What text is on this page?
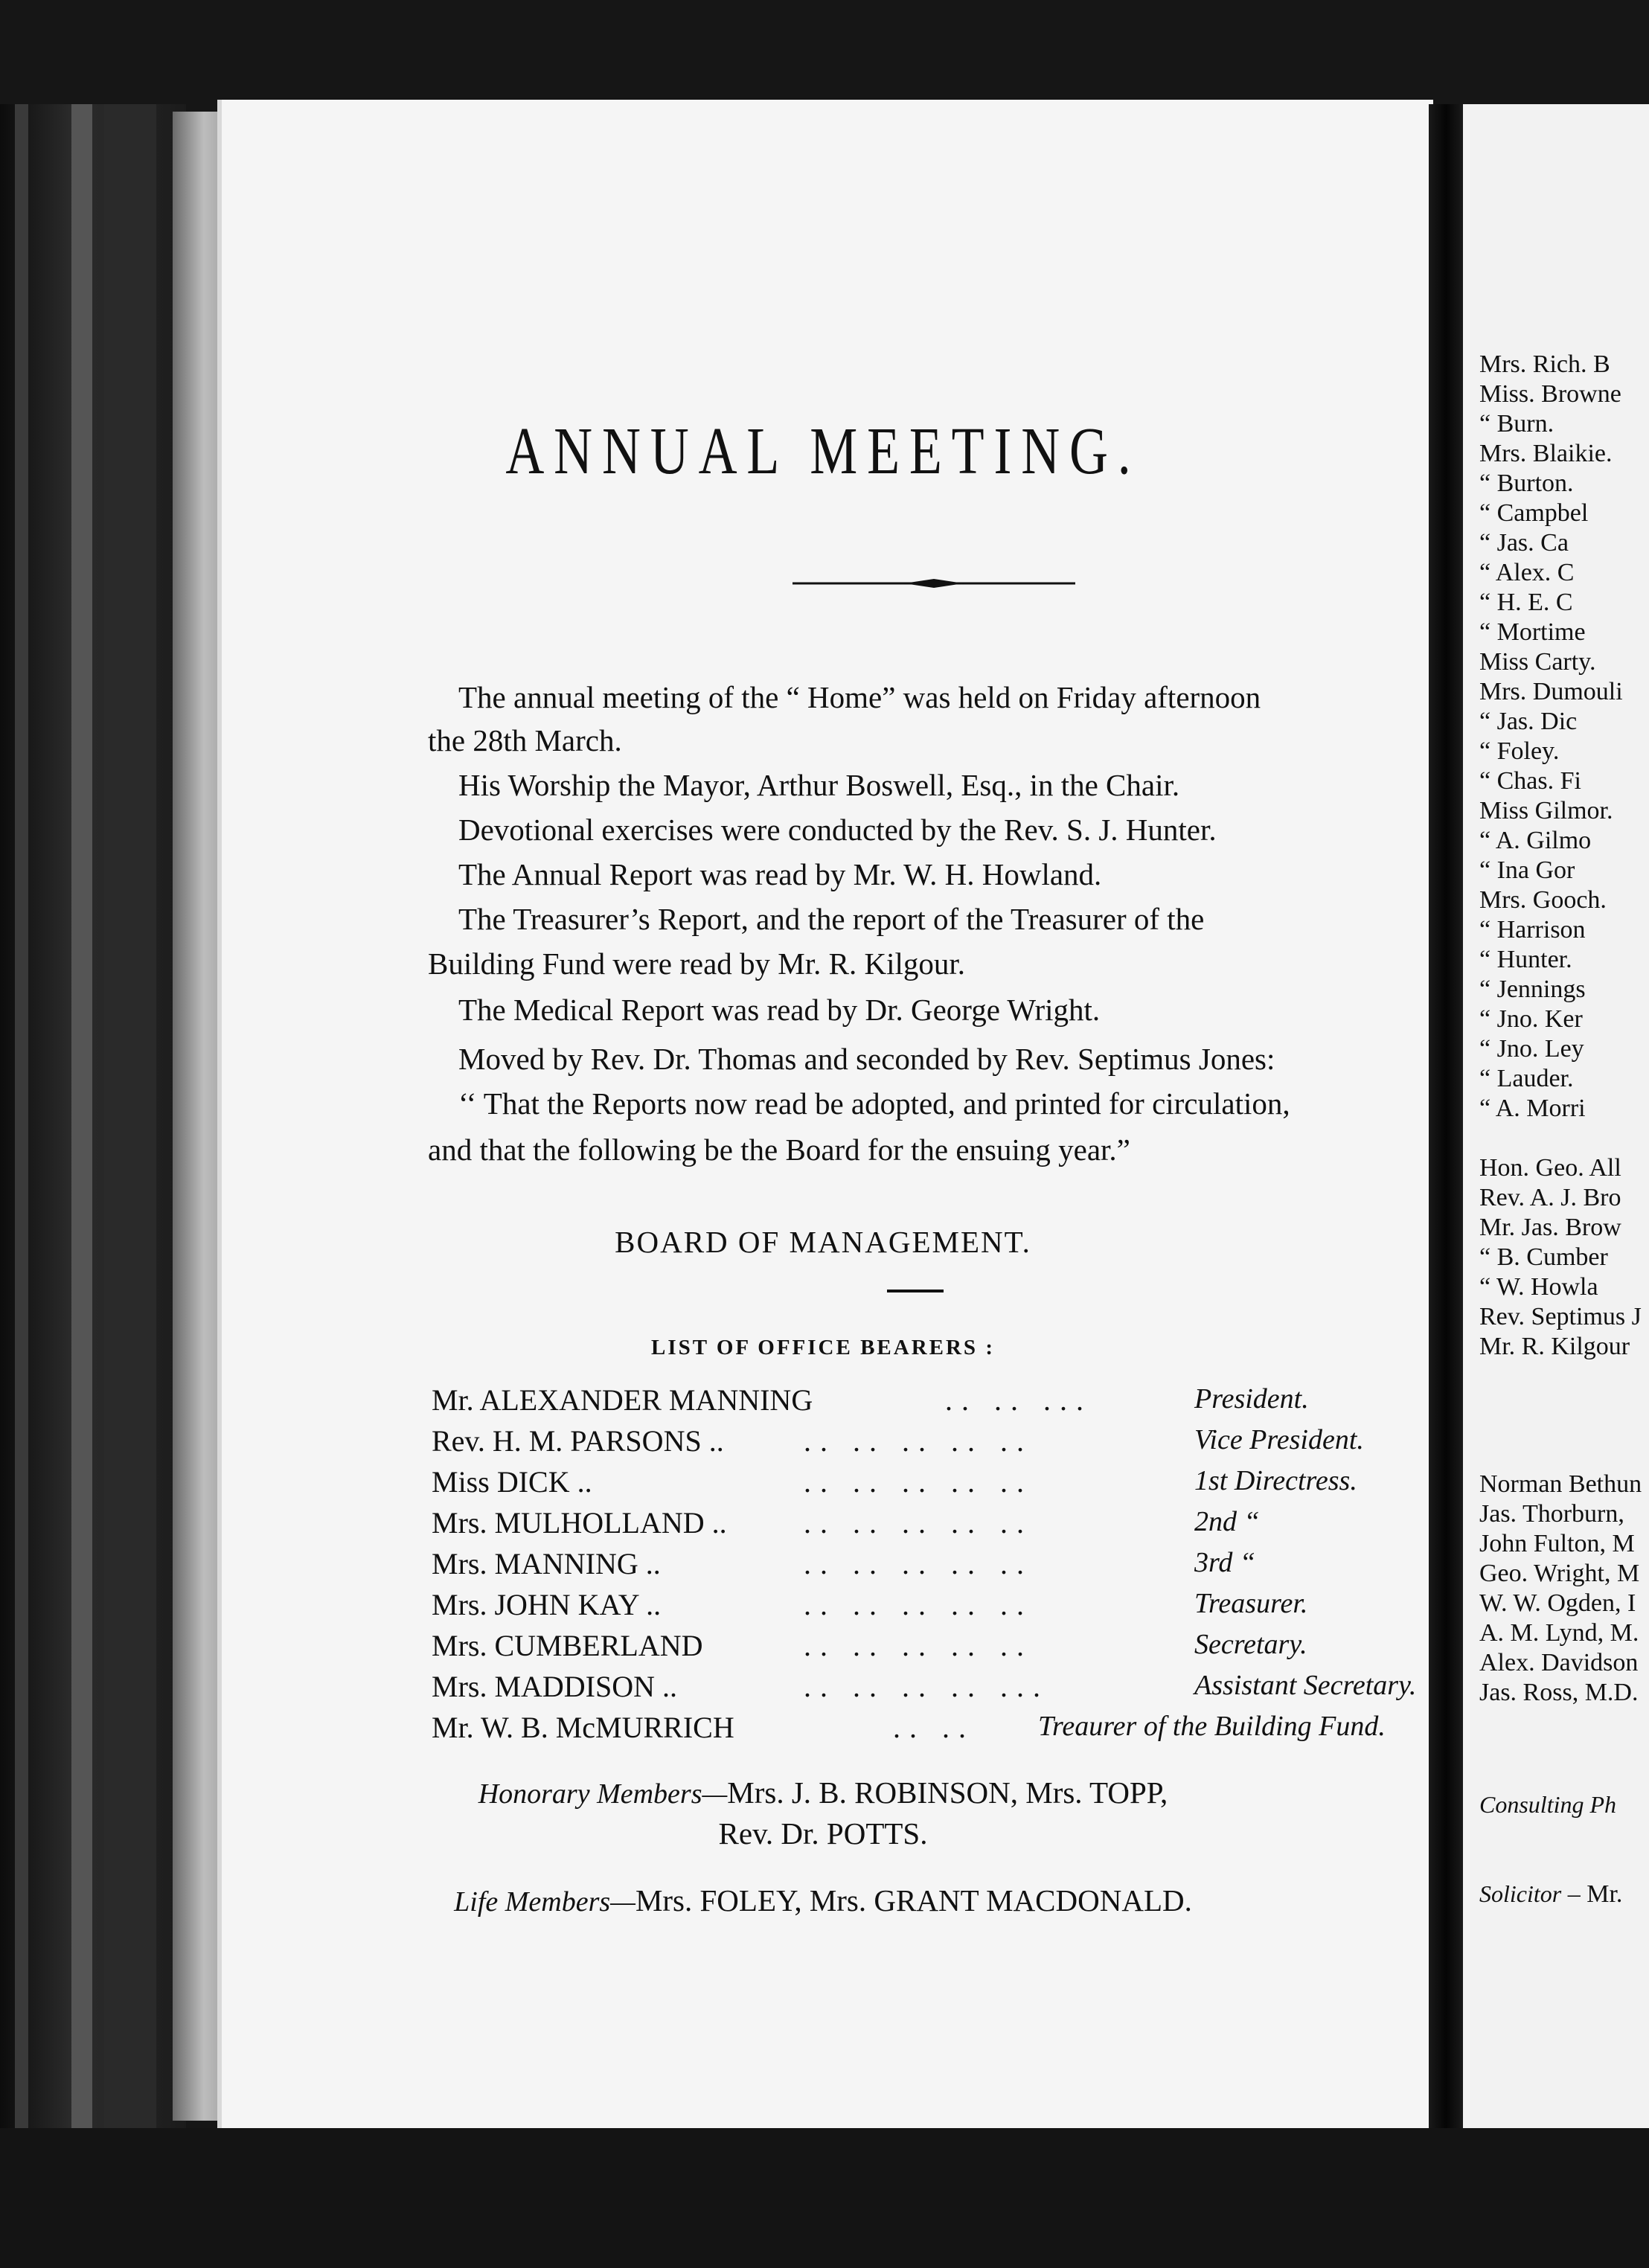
Mrs. Rich. B
Miss. Browne
“ Burn.
Mrs. Blaikie.
“ Burton.
“ Campbel
“ Jas. Ca
“ Alex. C
“ H. E. C
“ Mortime
Miss Carty.
Mrs. Dumouli
“ Jas. Dic
“ Foley.
“ Chas. Fi
Miss Gilmor.
“ A. Gilmo
“ Ina Gor
Mrs. Gooch.
“ Harrison
“ Hunter.
“ Jennings
“ Jno. Ker
“ Jno. Ley
“ Lauder.
“ A. Morri
Hon. Geo. All
Rev. A. J. Bro
Mr. Jas. Brow
“ B. Cumber
“ W. Howla
Rev. Septimus J
Mr. R. Kilgour
Norman Bethun
Jas. Thorburn,
John Fulton, M
Geo. Wright, M
W. W. Ogden, I
A. M. Lynd, M.
Alex. Davidson
Jas. Ross, M.D.
Consulting Ph
Solicitor – Mr.
ANNUAL MEETING.
The annual meeting of the “ Home” was held on Friday afternoon
the 28th March.
His Worship the Mayor, Arthur Boswell, Esq., in the Chair.
Devotional exercises were conducted by the Rev. S. J. Hunter.
The Annual Report was read by Mr. W. H. Howland.
The Treasurer’s Report, and the report of the Treasurer of the
Building Fund were read by Mr. R. Kilgour.
The Medical Report was read by Dr. George Wright.
Moved by Rev. Dr. Thomas and seconded by Rev. Septimus Jones:
‘‘ That the Reports now read be adopted, and printed for circulation,
and that the following be the Board for the ensuing year.”
BOARD OF MANAGEMENT.
LIST OF OFFICE BEARERS :
Mr. ALEXANDER MANNING	.. .. ...	President.
Rev. H. M. PARSONS ..	.. .. .. .. ..	Vice President.
Miss DICK ..	.. .. .. .. ..	1st Directress.
Mrs. MULHOLLAND ..	.. .. .. .. ..	2nd “
Mrs. MANNING ..	.. .. .. .. ..	3rd “
Mrs. JOHN KAY ..	.. .. .. .. ..	Treasurer.
Mrs. CUMBERLAND	.. .. .. .. ..	Secretary.
Mrs. MADDISON ..	.. .. .. .. ...	Assistant Secretary.
Mr. W. B. McMURRICH	.. .. Treaurer of the Building Fund.
Honorary Members—Mrs. J. B. ROBINSON, Mrs. TOPP,
Rev. Dr. POTTS.
Life Members—Mrs. FOLEY, Mrs. GRANT MACDONALD.
